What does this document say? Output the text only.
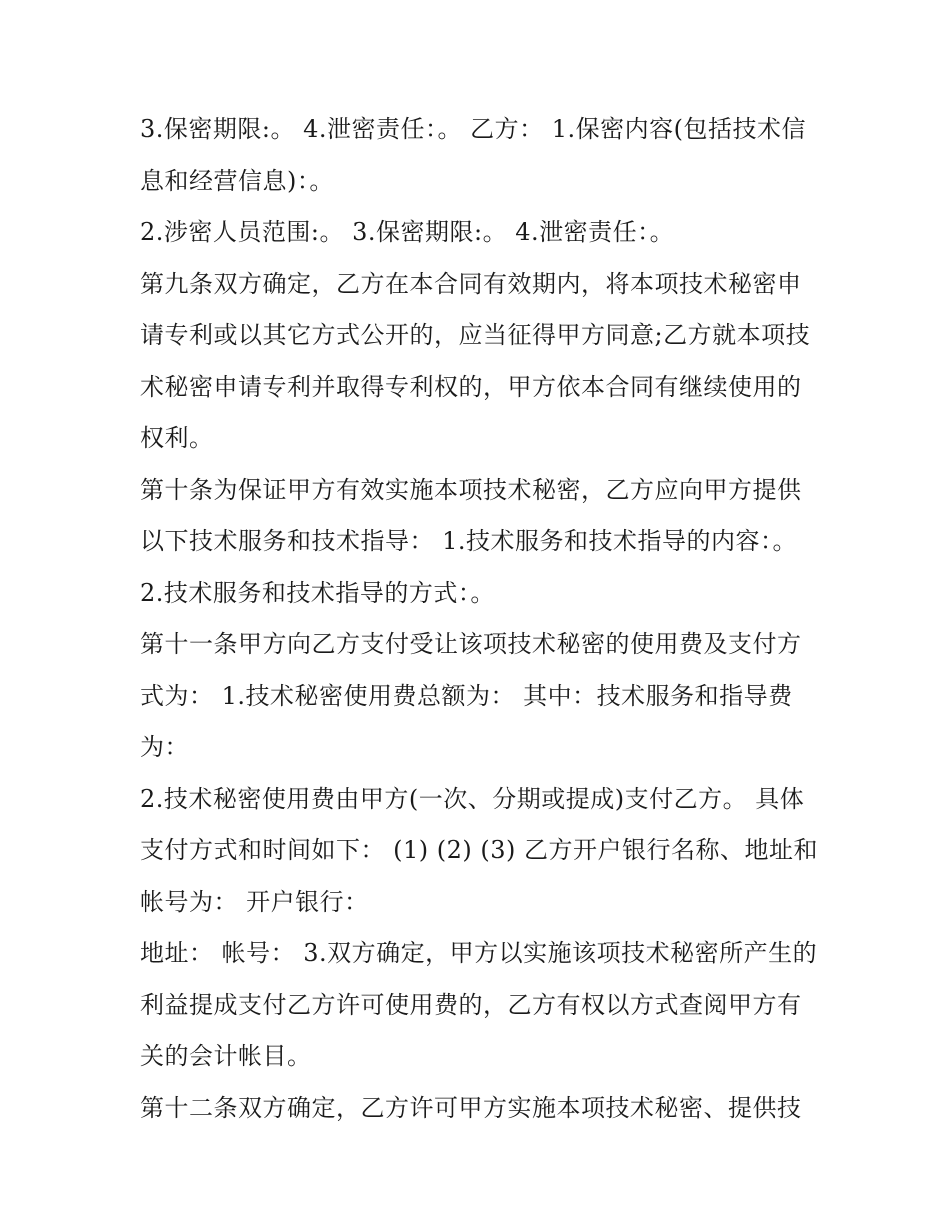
3.保密期限:。 4.泄密责任：。 乙方： 1.保密内容(包括技术信息和经营信息)：。

2.涉密人员范围:。 3.保密期限:。 4.泄密责任：。

第九条双方确定，乙方在本合同有效期内，将本项技术秘密申请专利或以其它方式公开的，应当征得甲方同意;乙方就本项技术秘密申请专利并取得专利权的，甲方依本合同有继续使用的权利。

第十条为保证甲方有效实施本项技术秘密，乙方应向甲方提供以下技术服务和技术指导： 1.技术服务和技术指导的内容：。

2.技术服务和技术指导的方式：。

第十一条甲方向乙方支付受让该项技术秘密的使用费及支付方式为： 1.技术秘密使用费总额为： 其中：技术服务和指导费为：

2.技术秘密使用费由甲方(一次、分期或提成)支付乙方。 具体支付方式和时间如下： (1) (2) (3) 乙方开户银行名称、地址和帐号为： 开户银行：

地址： 帐号： 3.双方确定，甲方以实施该项技术秘密所产生的利益提成支付乙方许可使用费的，乙方有权以方式查阅甲方有关的会计帐目。

第十二条双方确定，乙方许可甲方实施本项技术秘密、提供技
